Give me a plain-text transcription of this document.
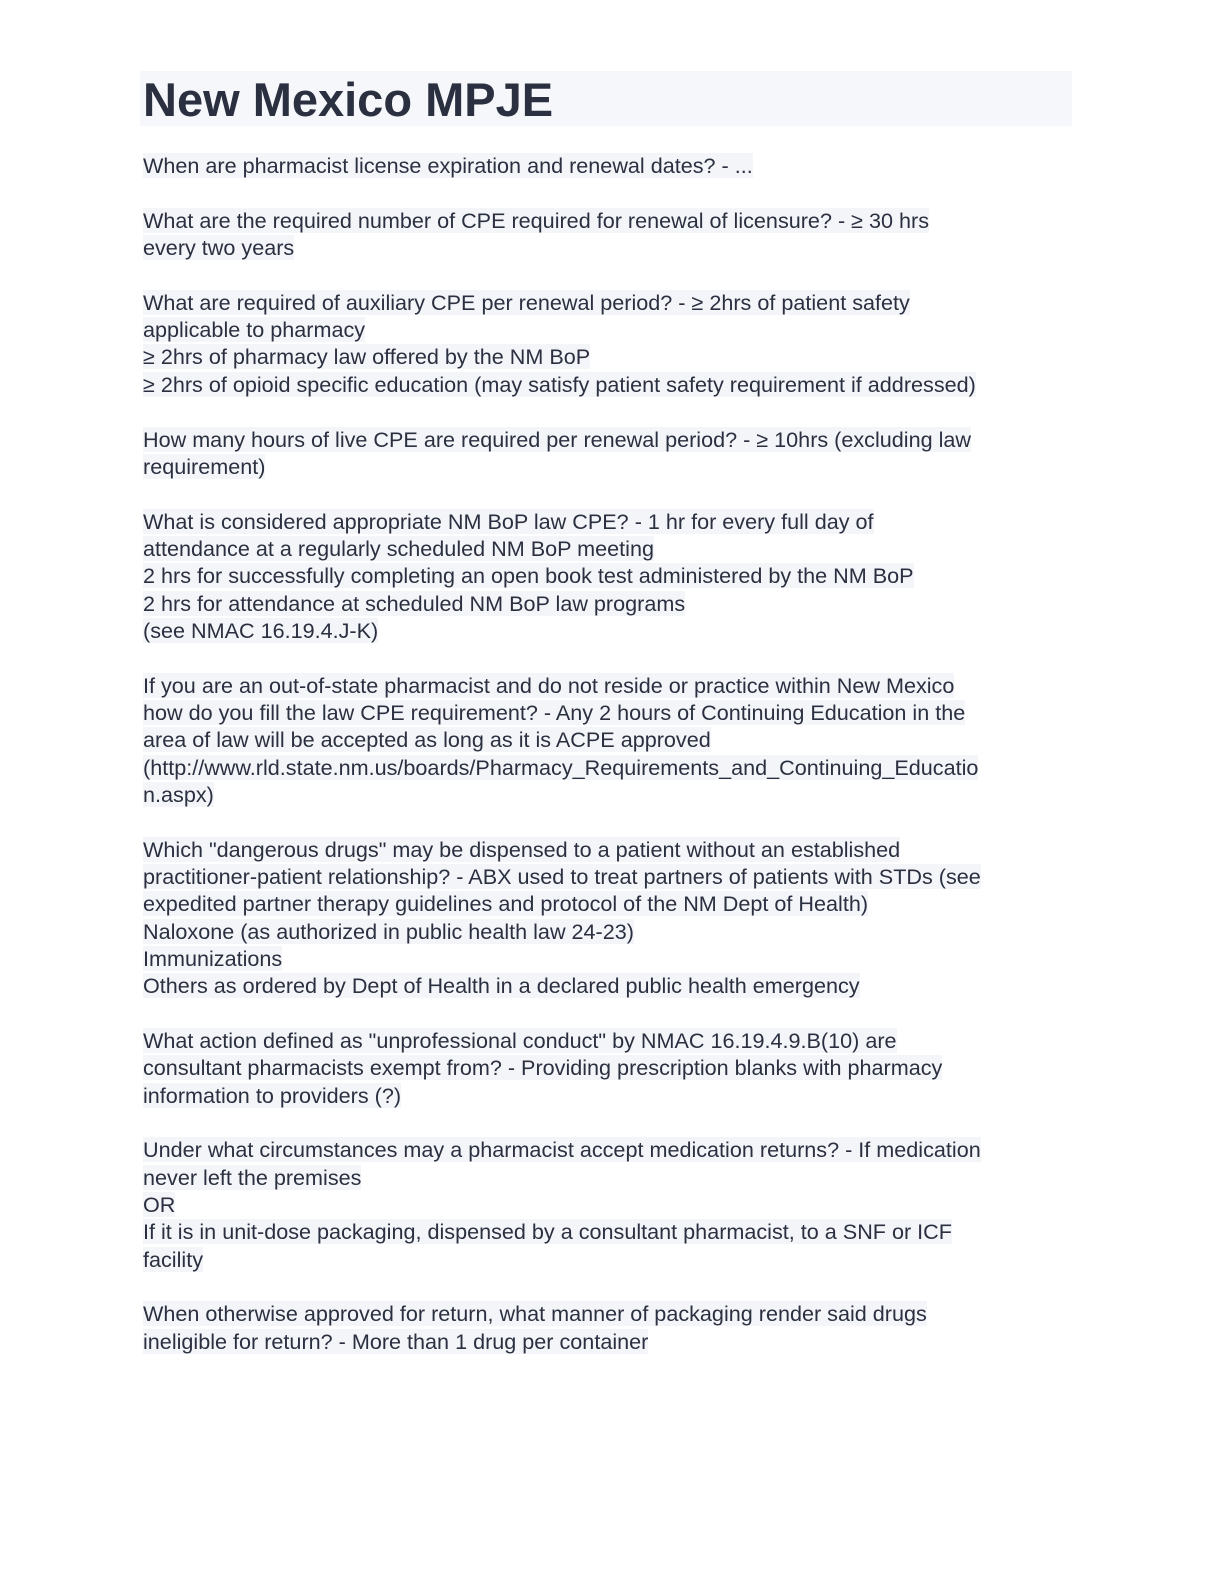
New Mexico MPJE
When are pharmacist license expiration and renewal dates? - ...
What are the required number of CPE required for renewal of licensure? - ≥ 30 hrs
every two years
What are required of auxiliary CPE per renewal period? - ≥ 2hrs of patient safety
applicable to pharmacy
≥ 2hrs of pharmacy law offered by the NM BoP
≥ 2hrs of opioid specific education (may satisfy patient safety requirement if addressed)
How many hours of live CPE are required per renewal period? - ≥ 10hrs (excluding law
requirement)
What is considered appropriate NM BoP law CPE? - 1 hr for every full day of
attendance at a regularly scheduled NM BoP meeting
2 hrs for successfully completing an open book test administered by the NM BoP
2 hrs for attendance at scheduled NM BoP law programs
(see NMAC 16.19.4.J-K)
If you are an out-of-state pharmacist and do not reside or practice within New Mexico
how do you fill the law CPE requirement? - Any 2 hours of Continuing Education in the
area of law will be accepted as long as it is ACPE approved
(http://www.rld.state.nm.us/boards/Pharmacy_Requirements_and_Continuing_Educatio
n.aspx)
Which "dangerous drugs" may be dispensed to a patient without an established
practitioner-patient relationship? - ABX used to treat partners of patients with STDs (see
expedited partner therapy guidelines and protocol of the NM Dept of Health)
Naloxone (as authorized in public health law 24-23)
Immunizations
Others as ordered by Dept of Health in a declared public health emergency
What action defined as "unprofessional conduct" by NMAC 16.19.4.9.B(10) are
consultant pharmacists exempt from? - Providing prescription blanks with pharmacy
information to providers (?)
Under what circumstances may a pharmacist accept medication returns? - If medication
never left the premises
OR
If it is in unit-dose packaging, dispensed by a consultant pharmacist, to a SNF or ICF
facility
When otherwise approved for return, what manner of packaging render said drugs
ineligible for return? - More than 1 drug per container
